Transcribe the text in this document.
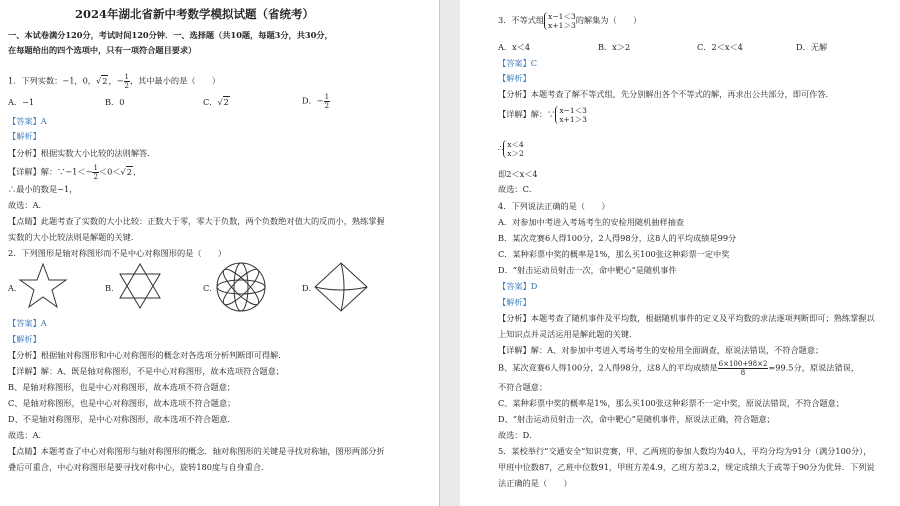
2024年湖北省新中考数学模拟试题（省统考）
一、本试卷满分120分，考试时间120分钟．一、选择题（共10题，每题3分，共30分，
在每题给出的四个选项中，只有一项符合题目要求）
1．下列实数：−1，0，√2，− $\frac{1}{2}$ ，其中最小的是（　　）
A．−1	B．0	C．√2	D．− $\frac{1}{2}$
【答案】A
【解析】
【分析】根据实数大小比较的法则解答．
【详解】解：∵−1＜− $\frac{1}{2} <0<√2$，
∴最小的数是−1，
故选：A．
【点睛】此题考查了实数的大小比较：正数大于零，零大于负数，两个负数绝对值大的反而小，熟练掌握
实数的大小比较法则是解题的关键．
2．下列图形是轴对称图形而不是中心对称图形的是（　　）
A．	B．	C．	D．
【答案】A
【解析】
【分析】根据轴对称图形和中心对称图形的概念对各选项分析判断即可得解．
【详解】解：A、既是轴对称图形，不是中心对称图形，故本选项符合题意；
B、是轴对称图形，也是中心对称图形，故本选项不符合题意；
C、是轴对称图形，也是中心对称图形，故本选项不符合题意；
D、不是轴对称图形，是中心对称图形，故本选项不符合题意．
故选：A．
【点睛】本题考查了中心对称图形与轴对称图形的概念．轴对称图形的关键是寻找对称轴，图形两部分折
叠后可重合，中心对称图形是要寻找对称中心，旋转180度与自身重合．
3．不等式组 x−1＜3
x+1＞3的解集为（　　）
A．x＜4	B．x＞2	C．2＜x＜4	D．无解
【答案】C
【解析】
【分析】本题考查了解不等式组，先分别解出各个不等式的解，再求出公共部分，即可作答．
【详解】解：∵ x−1＜3
x+1＞3
∴ x＜4
x＞2
即2＜x＜4
故选：C．
4．下列说法正确的是（　　）
A．对参加中考进入考场考生的安检用随机抽样抽查
B．某次竞赛6人得100分，2人得98分，这8人的平均成绩是99分
C．某种彩票中奖的概率是1%，那么买100张这种彩票一定中奖
D．“射击运动员射击一次，命中靶心”是随机事件
【答案】D
【解析】
【分析】本题考查了随机事件及平均数，根据随机事件的定义及平均数的求法逐项判断即可；熟练掌握以
上知识点并灵活运用是解此题的关键．
【详解】解：A、对参加中考进入考场考生的安检用全面调查，原说法错误，不符合题意；
B、某次竞赛6人得100分，2人得98分，这8人的平均成绩是 $\frac{6\times 100+98\times 2}{8} =99.5$分，原说法错误，
不符合题意；
C、某种彩票中奖的概率是1%，那么买100张这种彩票不一定中奖，原说法错误，不符合题意；
D、“射击运动员射击一次，命中靶心”是随机事件，原说法正确，符合题意；
故选：D．
5．某校举行“交通安全”知识竞赛，甲、乙两班的参加人数均为40人，平均分均为91分（满分100分），
甲班中位数87，乙班中位数91，甲班方差4.9，乙班方差3.2，规定成绩大于或等于90分为优异．下列说
法正确的是（　　）
